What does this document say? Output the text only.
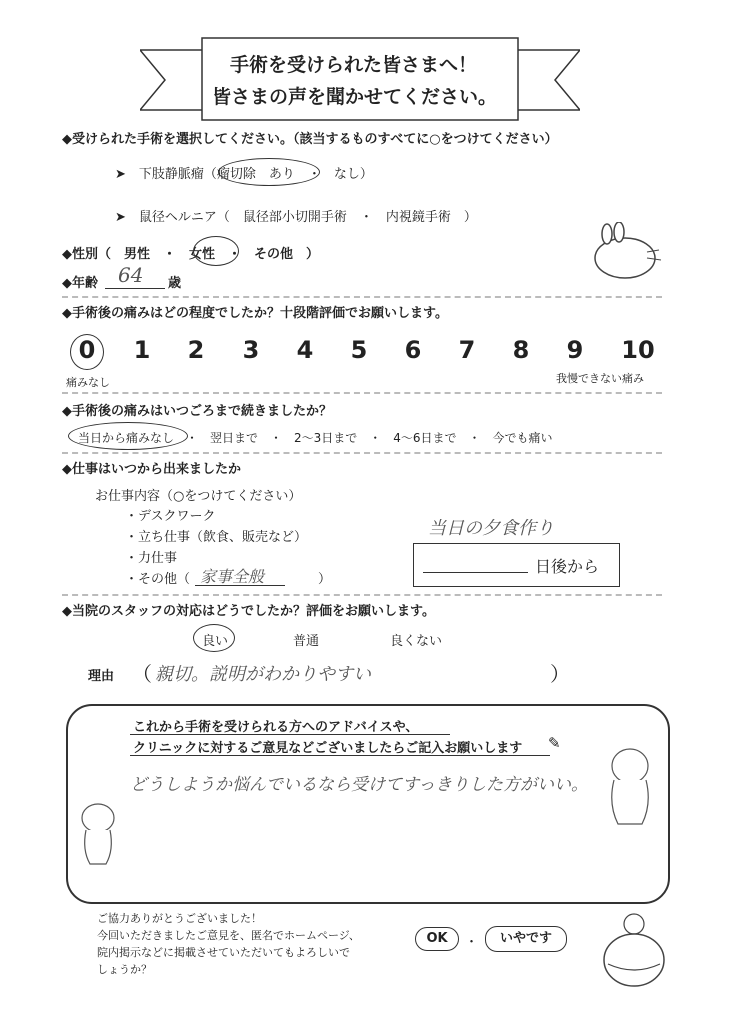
手術を受けられた皆さまへ！
皆さまの声を聞かせてください。
◆受けられた手術を選択してください。（該当するものすべてに○をつけてください）
➤　下肢静脈瘤（瘤切除　あり　・　なし）
➤　鼠径ヘルニア（　鼠径部小切開手術　・　内視鏡手術　）
◆性別（　男性　・　女性　・　その他　）
◆年齢 64 歳
◆手術後の痛みはどの程度でしたか？十段階評価でお願いします。
0 1 2 3 4 5 6 7 8 9 10
痛みなし	我慢できない痛み
◆手術後の痛みはいつごろまで続きましたか？
当日から痛みなし　・　翌日まで　・　2～3日まで　・　4～6日まで　・　今でも痛い
◆仕事はいつから出来ましたか
お仕事内容（○をつけてください）
・デスクワーク
・立ち仕事（飲食、販売など）
・力仕事
・その他（ 家事全般	）
当日の夕食作り
日後から
◆当院のスタッフの対応はどうでしたか？評価をお願いします。
良い	普通	良くない
理由 （ 親切。説明がわかりやすい	）
これから手術を受けられる方へのアドバイスや、
クリニックに対するご意見などございましたらご記入お願いします ✎
どうしようか悩んでいるなら受けてすっきりした方がいい。
ご協力ありがとうございました！
今回いただきましたご意見を、匿名でホームページ、
院内掲示などに掲載させていただいてもよろしいで
しょうか？
OK	・	いやです
